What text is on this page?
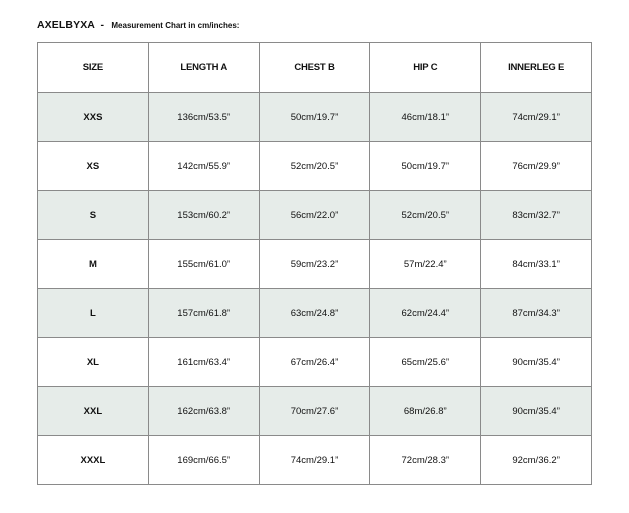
AXELBYXA - Measurement Chart in cm/inches:
SIZE	LENGTH A	CHEST B	HIP C	INNERLEG E
XXS	136cm/53.5”	50cm/19.7”	46cm/18.1”	74cm/29.1”
XS	142cm/55.9”	52cm/20.5”	50cm/19.7”	76cm/29.9”
S	153cm/60.2”	56cm/22.0”	52cm/20.5”	83cm/32.7”
M	155cm/61.0”	59cm/23.2”	57m/22.4”	84cm/33.1”
L	157cm/61.8”	63cm/24.8”	62cm/24.4”	87cm/34.3”
XL	161cm/63.4”	67cm/26.4”	65cm/25.6”	90cm/35.4”
XXL	162cm/63.8”	70cm/27.6”	68m/26.8”	90cm/35.4”
XXXL	169cm/66.5”	74cm/29.1”	72cm/28.3”	92cm/36.2”
